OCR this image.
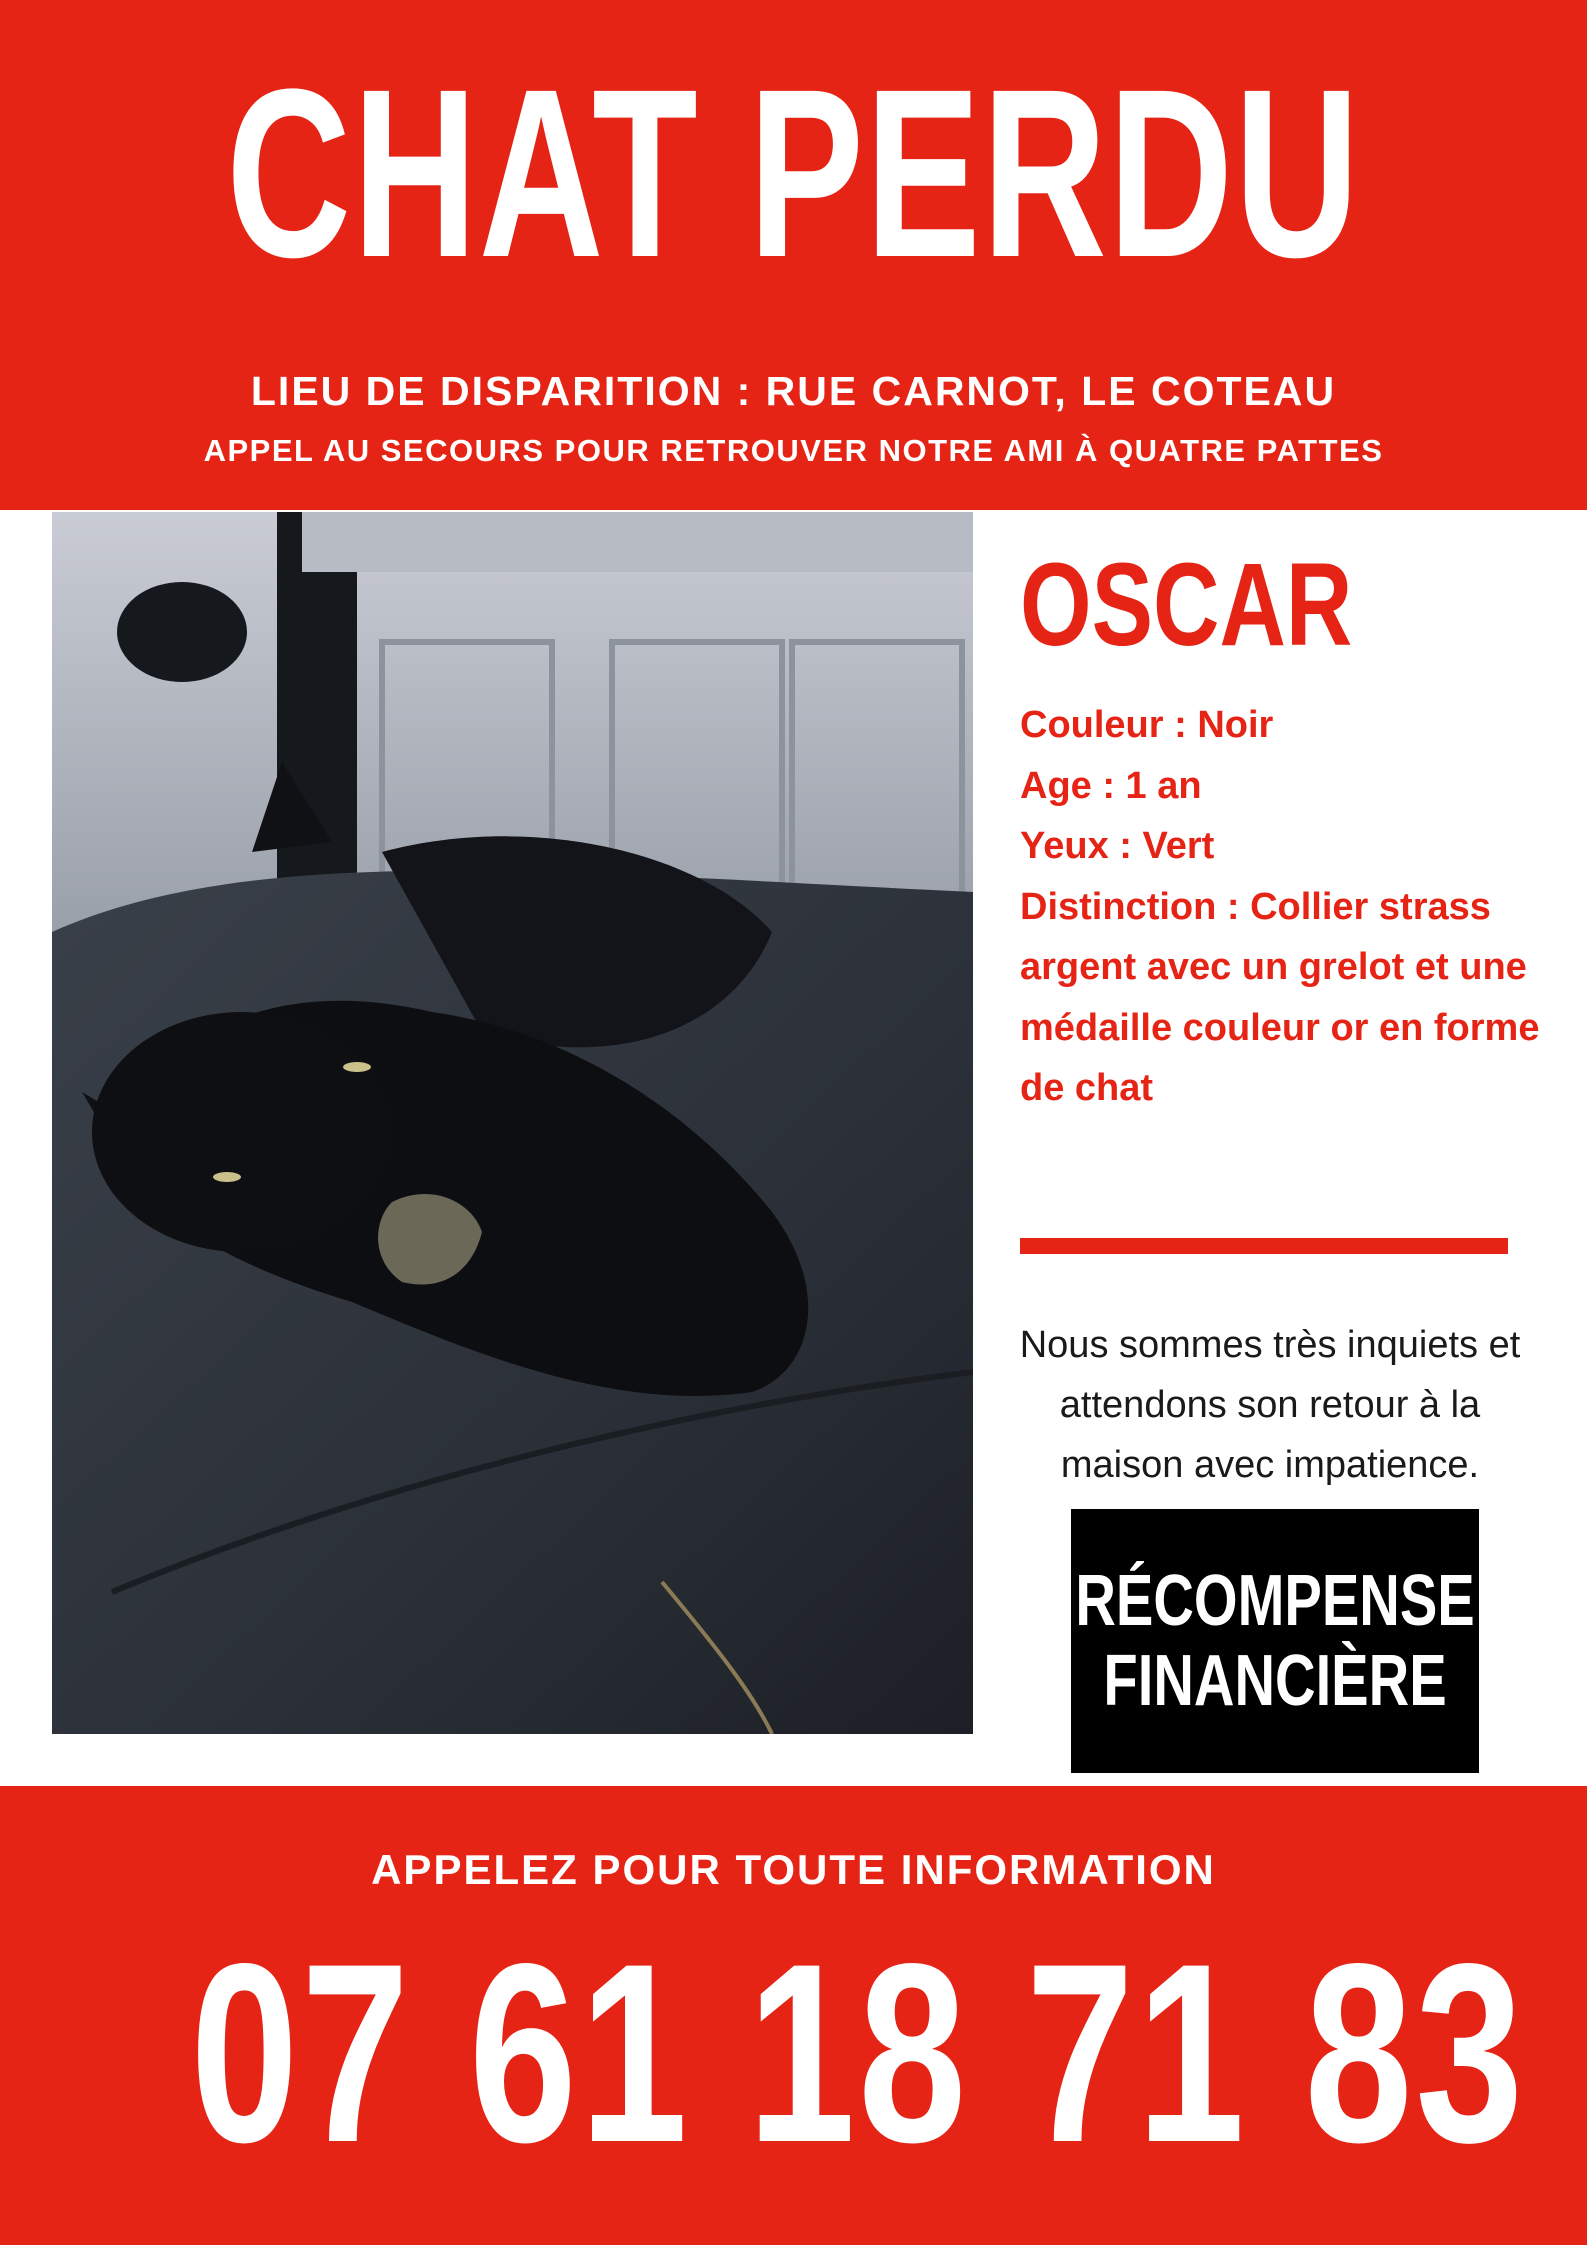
CHAT PERDU
LIEU DE DISPARITION : RUE CARNOT, LE COTEAU
APPEL AU SECOURS POUR RETROUVER NOTRE AMI À QUATRE PATTES
OSCAR
Couleur : Noir
Age : 1 an
Yeux : Vert
Distinction : Collier strass argent avec un grelot et une médaille couleur or en forme de chat
Nous sommes très inquiets et attendons son retour à la maison avec impatience.
RÉCOMPENSE
FINANCIÈRE
APPELEZ POUR TOUTE INFORMATION
07 61 18 71 83
